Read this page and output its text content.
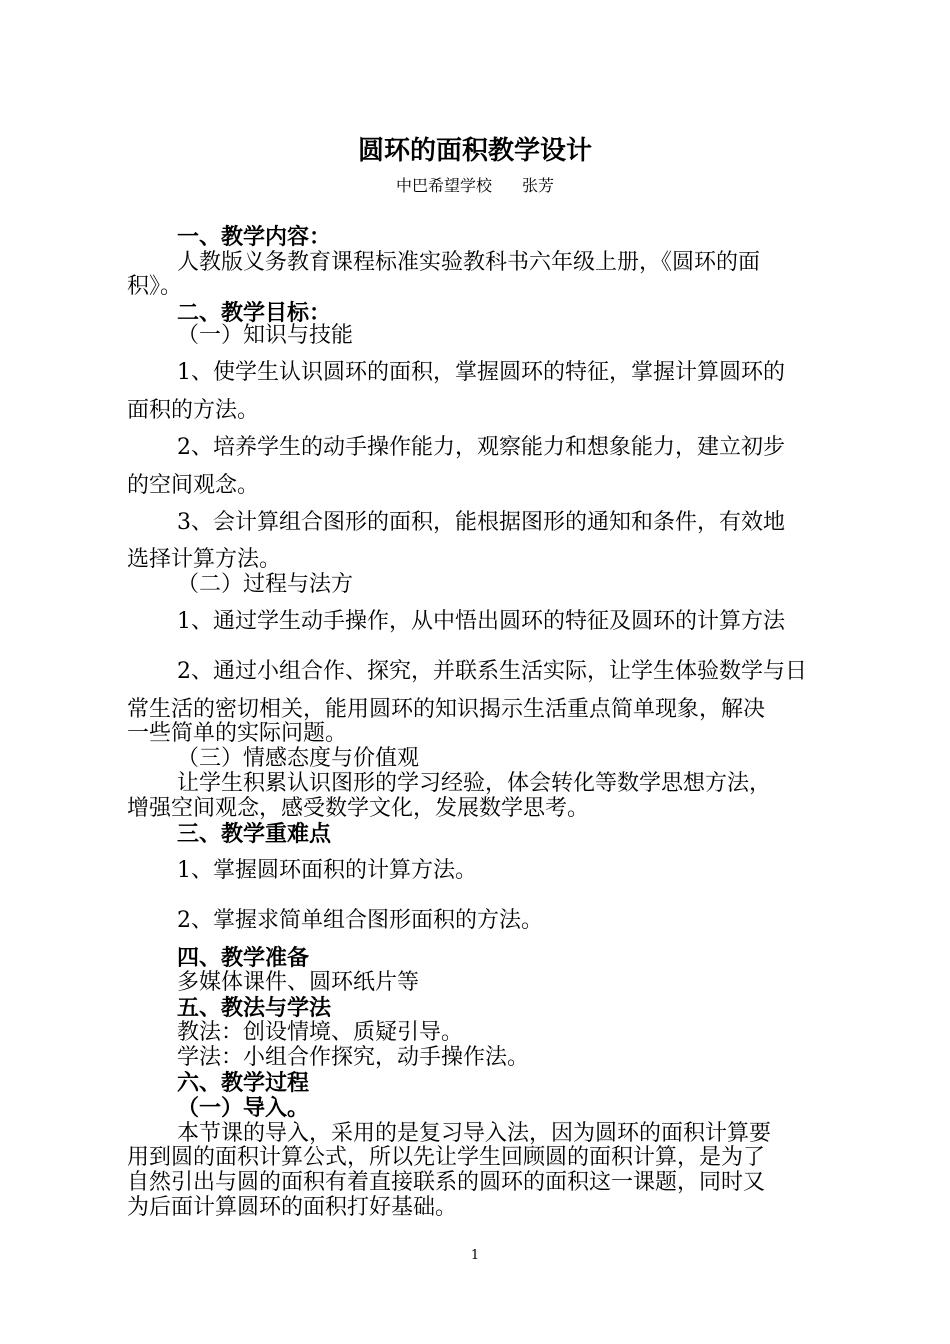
圆环的面积教学设计
中巴希望学校 张芳
一、教学内容：
人教版义务教育课程标准实验教科书六年级上册，《圆环的面
积》。
二、教学目标：
（一）知识与技能
1、使学生认识圆环的面积，掌握圆环的特征，掌握计算圆环的
面积的方法。
2、培养学生的动手操作能力，观察能力和想象能力，建立初步
的空间观念。
3、会计算组合图形的面积，能根据图形的通知和条件，有效地
选择计算方法。
（二）过程与法方
1、通过学生动手操作，从中悟出圆环的特征及圆环的计算方法
2、通过小组合作、探究，并联系生活实际，让学生体验数学与日
常生活的密切相关，能用圆环的知识揭示生活重点简单现象，解决
一些简单的实际问题。
（三）情感态度与价值观
让学生积累认识图形的学习经验，体会转化等数学思想方法，
增强空间观念，感受数学文化，发展数学思考。
三、教学重难点
1、掌握圆环面积的计算方法。
2、掌握求简单组合图形面积的方法。
四、教学准备
多媒体课件、圆环纸片等
五、教法与学法
教法：创设情境、质疑引导。
学法：小组合作探究，动手操作法。
六、教学过程
（一）导入。
本节课的导入，采用的是复习导入法，因为圆环的面积计算要
用到圆的面积计算公式，所以先让学生回顾圆的面积计算，是为了
自然引出与圆的面积有着直接联系的圆环的面积这一课题，同时又
为后面计算圆环的面积打好基础。
1
